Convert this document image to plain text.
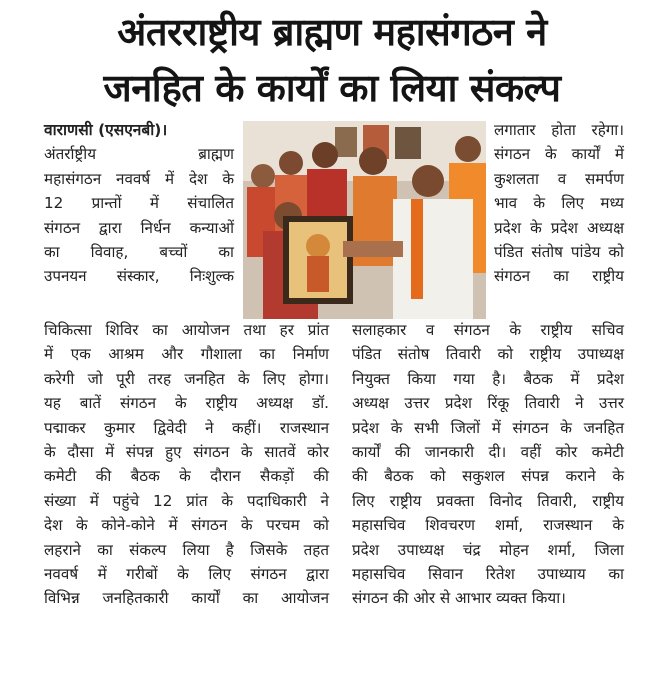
अंतरराष्ट्रीय ब्राह्मण महासंगठन ने
जनहित के कार्यों का लिया संकल्प
वाराणसी (एसएनबी)।
अंतर्राष्ट्रीय ब्राह्मण
महासंगठन नववर्ष में देश के
12 प्रान्तों में संचालित
संगठन द्वारा निर्धन कन्याओं
का विवाह, बच्चों का
उपनयन संस्कार, निःशुल्क
लगातार होता रहेगा।
संगठन के कार्यों में
कुशलता व समर्पण
भाव के लिए मध्य
प्रदेश के प्रदेश अध्यक्ष
पंडित संतोष पांडेय को
संगठन का राष्ट्रीय
चिकित्सा शिविर का आयोजन तथा हर प्रांत
में एक आश्रम और गौशाला का निर्माण
करेगी जो पूरी तरह जनहित के लिए होगा।
यह बातें संगठन के राष्ट्रीय अध्यक्ष डॉ.
पद्माकर कुमार द्विवेदी ने कहीं। राजस्थान
के दौसा में संपन्न हुए संगठन के सातवें कोर
कमेटी की बैठक के दौरान सैकड़ों की
संख्या में पहुंचे 12 प्रांत के पदाधिकारी ने
देश के कोने-कोने में संगठन के परचम को
लहराने का संकल्प लिया है जिसके तहत
नववर्ष में गरीबों के लिए संगठन द्वारा
विभिन्न जनहितकारी कार्यों का आयोजन
सलाहकार व संगठन के राष्ट्रीय सचिव
पंडित संतोष तिवारी को राष्ट्रीय उपाध्यक्ष
नियुक्त किया गया है। बैठक में प्रदेश
अध्यक्ष उत्तर प्रदेश रिंकू तिवारी ने उत्तर
प्रदेश के सभी जिलों में संगठन के जनहित
कार्यों की जानकारी दी। वहीं कोर कमेटी
की बैठक को सकुशल संपन्न कराने के
लिए राष्ट्रीय प्रवक्ता विनोद तिवारी, राष्ट्रीय
महासचिव शिवचरण शर्मा, राजस्थान के
प्रदेश उपाध्यक्ष चंद्र मोहन शर्मा, जिला
महासचिव सिवान रितेश उपाध्याय का
संगठन की ओर से आभार व्यक्त किया।
